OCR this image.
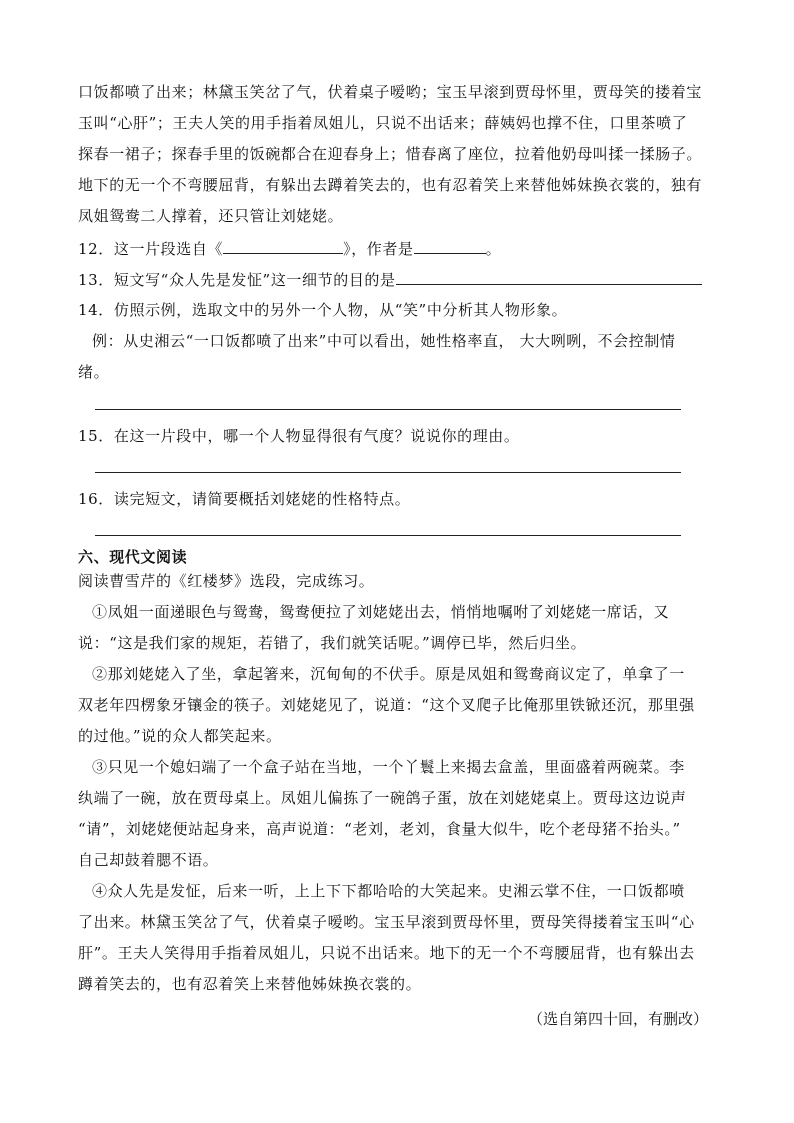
口饭都喷了出来；林黛玉笑岔了气，伏着桌子嗳哟；宝玉早滚到贾母怀里，贾母笑的搂着宝
玉叫“心肝”；王夫人笑的用手指着凤姐儿，只说不出话来；薛姨妈也撑不住，口里茶喷了
探春一裙子；探春手里的饭碗都合在迎春身上；惜春离了座位，拉着他奶母叫揉一揉肠子。
地下的无一个不弯腰屈背，有躲出去蹲着笑去的，也有忍着笑上来替他姊妹换衣裳的，独有
凤姐鸳鸯二人撑着，还只管让刘姥姥。
12．这一片段选自《	》，作者是	。
13．短文写“众人先是发怔”这一细节的目的是
14．仿照示例，选取文中的另外一个人物，从“笑”中分析其人物形象。
例：从史湘云“一口饭都喷了出来”中可以看出，她性格率直， 大大咧咧，不会控制情
绪。
15．在这一片段中，哪一个人物显得很有气度？说说你的理由。
16．读完短文，请简要概括刘姥姥的性格特点。
六、现代文阅读
阅读曹雪芹的《红楼梦》选段，完成练习。
①凤姐一面递眼色与鸳鸯，鸳鸯便拉了刘姥姥出去，悄悄地嘱咐了刘姥姥一席话，又
说：“这是我们家的规矩，若错了，我们就笑话呢。”调停已毕，然后归坐。
②那刘姥姥入了坐，拿起箸来，沉甸甸的不伏手。原是凤姐和鸳鸯商议定了，单拿了一
双老年四楞象牙镶金的筷子。刘姥姥见了，说道：“这个叉爬子比俺那里铁锨还沉，那里强
的过他。”说的众人都笑起来。
③只见一个媳妇端了一个盒子站在当地，一个丫鬟上来揭去盒盖，里面盛着两碗菜。李
纨端了一碗，放在贾母桌上。凤姐儿偏拣了一碗鸽子蛋，放在刘姥姥桌上。贾母这边说声
“请”，刘姥姥便站起身来，高声说道：“老刘，老刘，食量大似牛，吃个老母猪不抬头。”
自己却鼓着腮不语。
④众人先是发怔，后来一听，上上下下都哈哈的大笑起来。史湘云掌不住，一口饭都喷
了出来。林黛玉笑岔了气，伏着桌子嗳哟。宝玉早滚到贾母怀里，贾母笑得搂着宝玉叫“心
肝”。王夫人笑得用手指着凤姐儿，只说不出话来。地下的无一个不弯腰屈背，也有躲出去
蹲着笑去的，也有忍着笑上来替他姊妹换衣裳的。
（选自第四十回，有删改）
